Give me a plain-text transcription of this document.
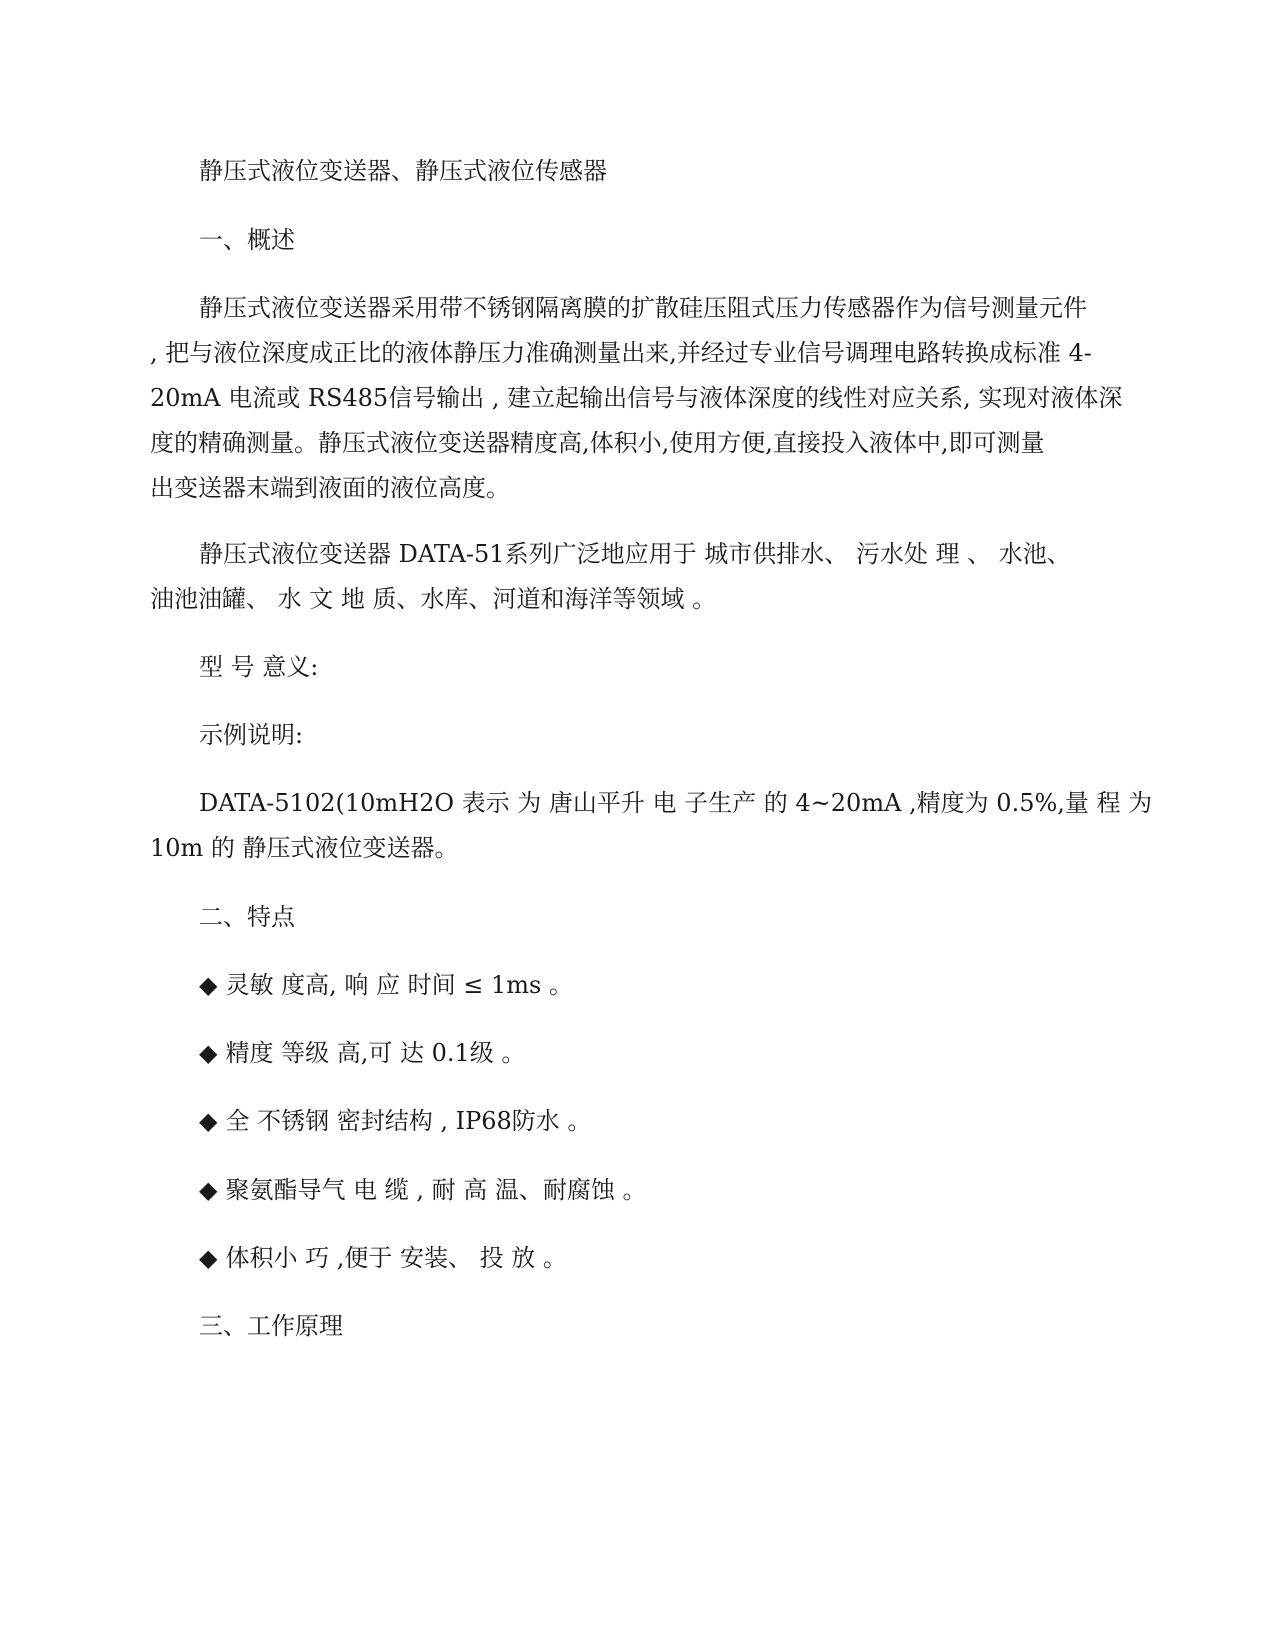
静压式液位变送器、静压式液位传感器

一、概述

静压式液位变送器采用带不锈钢隔离膜的扩散硅压阻式压力传感器作为信号测量元件
, 把与液位深度成正比的液体静压力准确测量出来,并经过专业信号调理电路转换成标准 4-
20mA 电流或 RS485信号输出 , 建立起输出信号与液体深度的线性对应关系, 实现对液体深
度的精确测量。静压式液位变送器精度高,体积小,使用方便,直接投入液体中,即可测量
出变送器末端到液面的液位高度。
静压式液位变送器 DATA-51系列广泛地应用于 城市供排水、 污水处 理 、 水池、
油池油罐、 水 文 地 质、水库、河道和海洋等领域 。

型 号 意义:

示例说明:

DATA-5102(10mH2O 表示 为 唐山平升 电 子生产 的 4~20mA ,精度为 0.5%,量 程 为
10m 的 静压式液位变送器。

二、特点

◆ 灵敏 度高, 响 应 时间 ≤ 1ms 。

◆ 精度 等级 高,可 达 0.1级 。

◆ 全 不锈钢 密封结构 , IP68防水 。

◆ 聚氨酯导气 电 缆 , 耐 高 温、耐腐蚀 。

◆ 体积小 巧 ,便于 安装、 投 放 。

三、工作原理
